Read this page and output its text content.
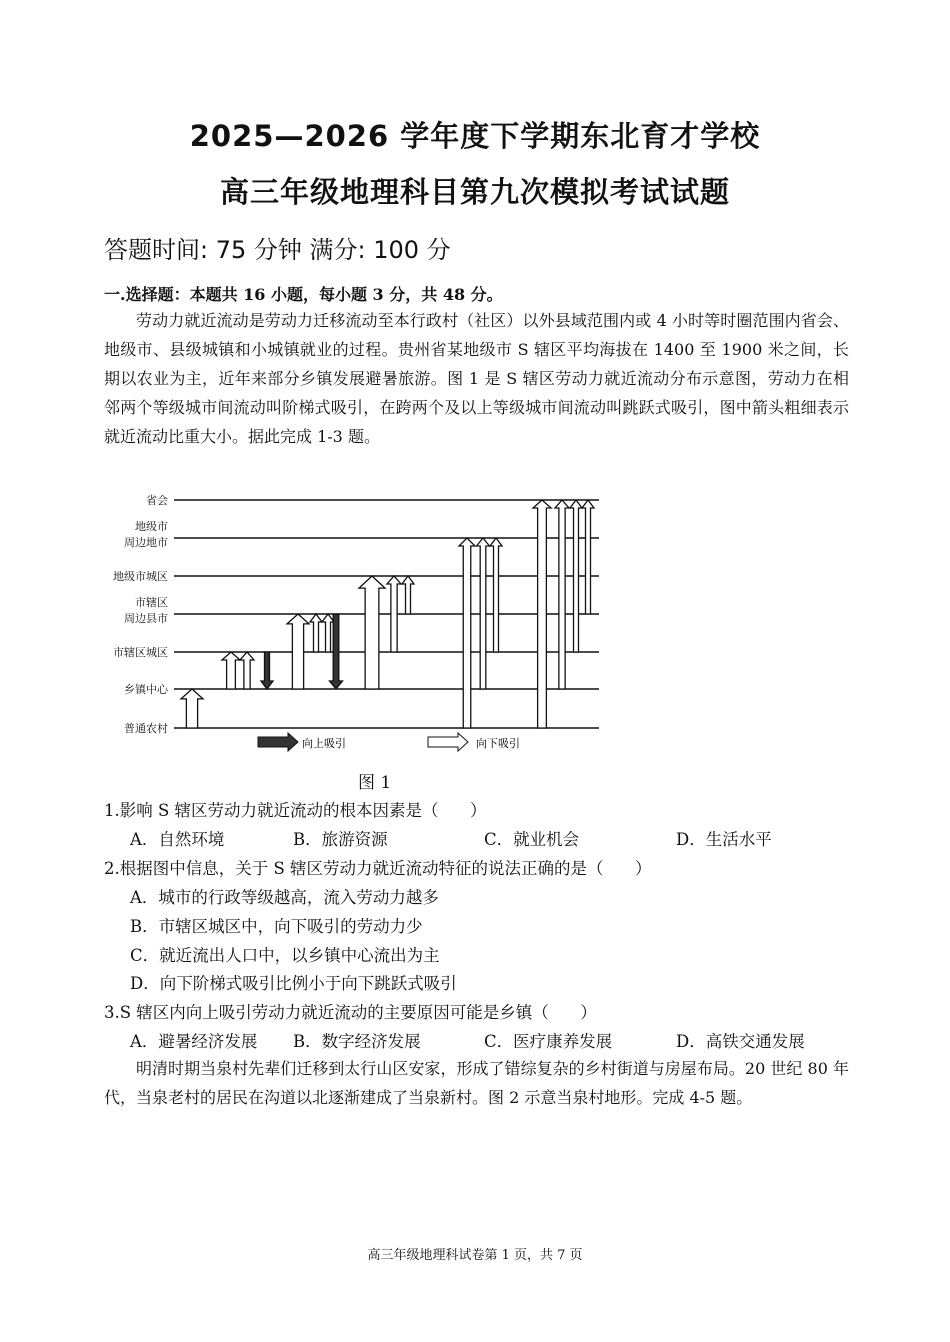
2025—2026 学年度下学期东北育才学校
高三年级地理科目第九次模拟考试试题
答题时间: 75 分钟 满分: 100 分
一.选择题：本题共 16 小题，每小题 3 分，共 48 分。
劳动力就近流动是劳动力迁移流动至本行政村（社区）以外县域范围内或 4 小时等时圈范围内省会、地级市、县级城镇和小城镇就业的过程。贵州省某地级市 S 辖区平均海拔在 1400 至 1900 米之间，长期以农业为主，近年来部分乡镇发展避暑旅游。图 1 是 S 辖区劳动力就近流动分布示意图，劳动力在相邻两个等级城市间流动叫阶梯式吸引，在跨两个及以上等级城市间流动叫跳跃式吸引，图中箭头粗细表示就近流动比重大小。据此完成 1-3 题。
省会
地级市
周边地市
地级市城区
市辖区
周边县市
市辖区城区
乡镇中心
普通农村
向上吸引	向下吸引
图 1
1.影响 S 辖区劳动力就近流动的根本因素是（      ）
A．自然环境	B．旅游资源	C．就业机会	D．生活水平
2.根据图中信息，关于 S 辖区劳动力就近流动特征的说法正确的是（      ）
A．城市的行政等级越高，流入劳动力越多
B．市辖区城区中，向下吸引的劳动力少
C．就近流出人口中，以乡镇中心流出为主
D．向下阶梯式吸引比例小于向下跳跃式吸引
3.S 辖区内向上吸引劳动力就近流动的主要原因可能是乡镇（      ）
A．避暑经济发展 B．数字经济发展	C．医疗康养发展	D．高铁交通发展
明清时期当泉村先辈们迁移到太行山区安家，形成了错综复杂的乡村街道与房屋布局。20 世纪 80 年代，当泉老村的居民在沟道以北逐渐建成了当泉新村。图 2 示意当泉村地形。完成 4-5 题。
高三年级地理科试卷第 1 页，共 7 页
